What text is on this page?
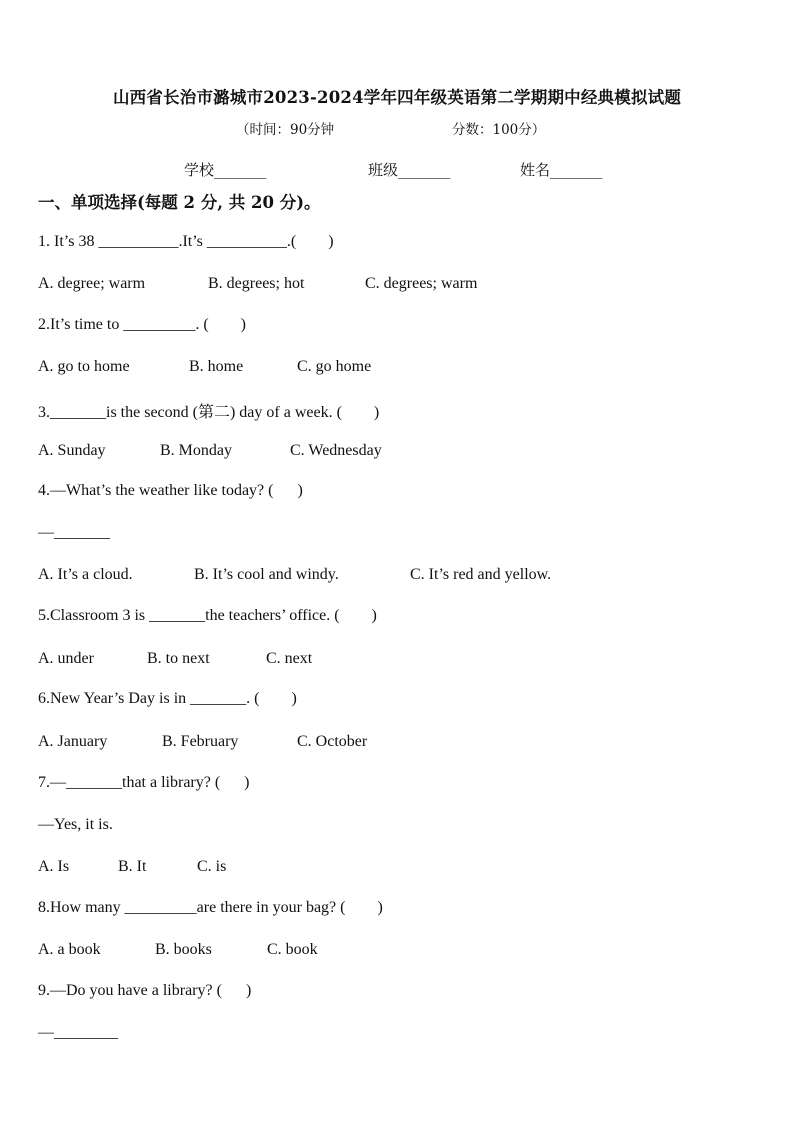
山西省长治市潞城市2023-2024学年四年级英语第二学期期中经典模拟试题
（时间：90分钟	分数：100分）
学校_______	班级_______	姓名_______
一、单项选择(每题 2 分, 共 20 分)。
1. It’s 38 __________.It’s __________.(        )
A. degree; warm	B. degrees; hot	C. degrees; warm
2.It’s time to _________. (        )
A. go to home	B. home	C. go home
3._______is the second (第二) day of a week. (        )
A. Sunday	B. Monday	C. Wednesday
4.—What’s the weather like today? (      )
—_______
A. It’s a cloud.	B. It’s cool and windy.	C. It’s red and yellow.
5.Classroom 3 is _______the teachers’ office. (        )
A. under	B. to next	C. next
6.New Year’s Day is in _______. (        )
A. January	B. February	C. October
7.—_______that a library? (      )
—Yes, it is.
A. Is	B. It	C. is
8.How many _________are there in your bag? (        )
A. a book	B. books	C. book
9.—Do you have a library? (      )
—________
